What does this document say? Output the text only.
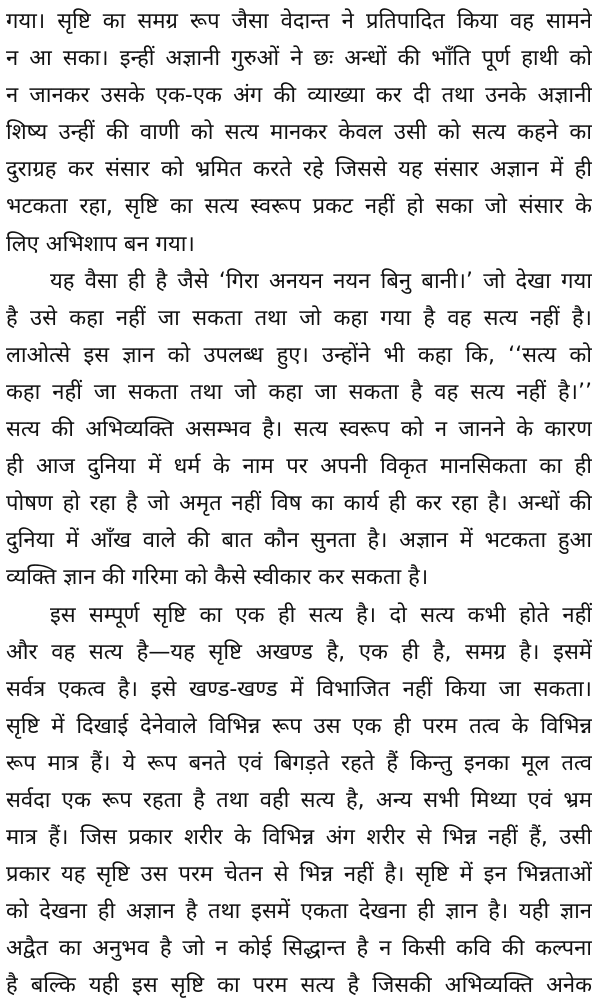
गया। सृष्टि का समग्र रूप जैसा वेदान्त ने प्रतिपादित किया वह सामने
न आ सका। इन्हीं अज्ञानी गुरुओं ने छः अन्धों की भाँति पूर्ण हाथी को
न जानकर उसके एक-एक अंग की व्याख्या कर दी तथा उनके अज्ञानी
शिष्य उन्हीं की वाणी को सत्य मानकर केवल उसी को सत्य कहने का
दुराग्रह कर संसार को भ्रमित करते रहे जिससे यह संसार अज्ञान में ही
भटकता रहा, सृष्टि का सत्य स्वरूप प्रकट नहीं हो सका जो संसार के
लिए अभिशाप बन गया।
यह वैसा ही है जैसे ‘गिरा अनयन नयन बिनु बानी।’ जो देखा गया
है उसे कहा नहीं जा सकता तथा जो कहा गया है वह सत्य नहीं है।
लाओत्से इस ज्ञान को उपलब्ध हुए। उन्होंने भी कहा कि, ‘‘सत्य को
कहा नहीं जा सकता तथा जो कहा जा सकता है वह सत्य नहीं है।’’
सत्य की अभिव्यक्ति असम्भव है। सत्य स्वरूप को न जानने के कारण
ही आज दुनिया में धर्म के नाम पर अपनी विकृत मानसिकता का ही
पोषण हो रहा है जो अमृत नहीं विष का कार्य ही कर रहा है। अन्धों की
दुनिया में आँख वाले की बात कौन सुनता है। अज्ञान में भटकता हुआ
व्यक्ति ज्ञान की गरिमा को कैसे स्वीकार कर सकता है।
इस सम्पूर्ण सृष्टि का एक ही सत्य है। दो सत्य कभी होते नहीं
और वह सत्य है—यह सृष्टि अखण्ड है, एक ही है, समग्र है। इसमें
सर्वत्र एकत्व है। इसे खण्ड-खण्ड में विभाजित नहीं किया जा सकता।
सृष्टि में दिखाई देनेवाले विभिन्न रूप उस एक ही परम तत्व के विभिन्न
रूप मात्र हैं। ये रूप बनते एवं बिगड़ते रहते हैं किन्तु इनका मूल तत्व
सर्वदा एक रूप रहता है तथा वही सत्य है, अन्य सभी मिथ्या एवं भ्रम
मात्र हैं। जिस प्रकार शरीर के विभिन्न अंग शरीर से भिन्न नहीं हैं, उसी
प्रकार यह सृष्टि उस परम चेतन से भिन्न नहीं है। सृष्टि में इन भिन्नताओं
को देखना ही अज्ञान है तथा इसमें एकता देखना ही ज्ञान है। यही ज्ञान
अद्वैत का अनुभव है जो न कोई सिद्धान्त है न किसी कवि की कल्पना
है बल्कि यही इस सृष्टि का परम सत्य है जिसकी अभिव्यक्ति अनेक
